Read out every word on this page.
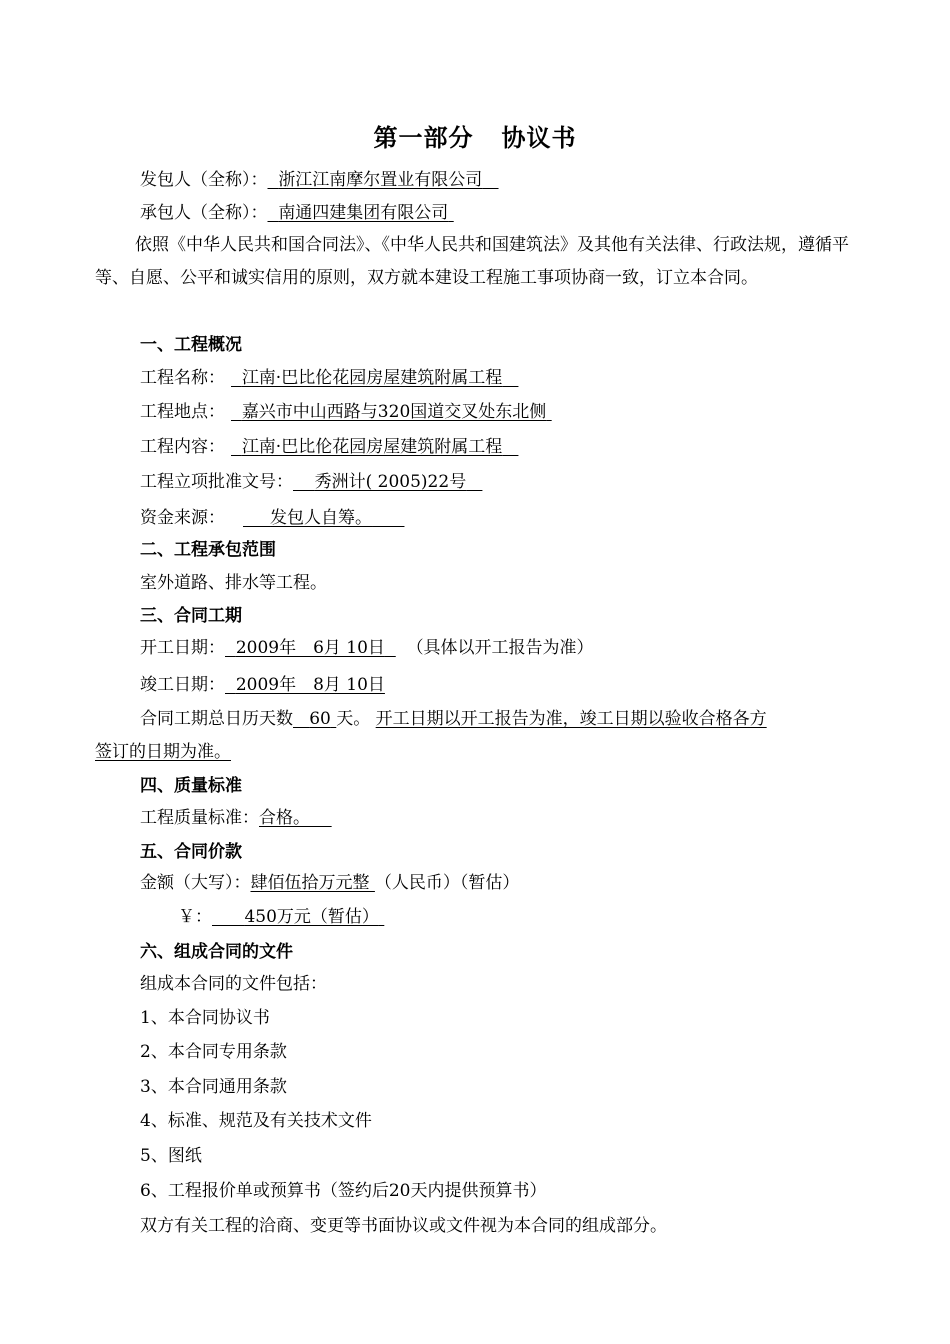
第一部分 协议书
发包人（全称）： 浙江江南摩尔置业有限公司
承包人（全称）： 南通四建集团有限公司
依照《中华人民共和国合同法》、《中华人民共和国建筑法》及其他有关法律、行政法规，遵循平等、自愿、公平和诚实信用的原则，双方就本建设工程施工事项协商一致，订立本合同。
一、工程概况
工程名称： 江南·巴比伦花园房屋建筑附属工程
工程地点： 嘉兴市中山西路与320国道交叉处东北侧
工程内容： 江南·巴比伦花园房屋建筑附属工程
工程立项批准文号： 秀洲计( 2005)22号
资金来源：	发包人自筹。
二、工程承包范围
室外道路、排水等工程。
三、合同工期
开工日期： 2009年　6月 10日 （具体以开工报告为准）
竣工日期： 2009年　8月 10日
合同工期总日历天数 60 天。 开工日期以开工报告为准，竣工日期以验收合格各方
签订的日期为准。
四、质量标准
工程质量标准：合格。
五、合同价款
金额（大写）：肆佰伍拾万元整 （人民币）（暂估）
￥： 450万元（暂估）
六、组成合同的文件
组成本合同的文件包括：
1、本合同协议书
2、本合同专用条款
3、本合同通用条款
4、标准、规范及有关技术文件
5、图纸
6、工程报价单或预算书（签约后20天内提供预算书）
双方有关工程的洽商、变更等书面协议或文件视为本合同的组成部分。
